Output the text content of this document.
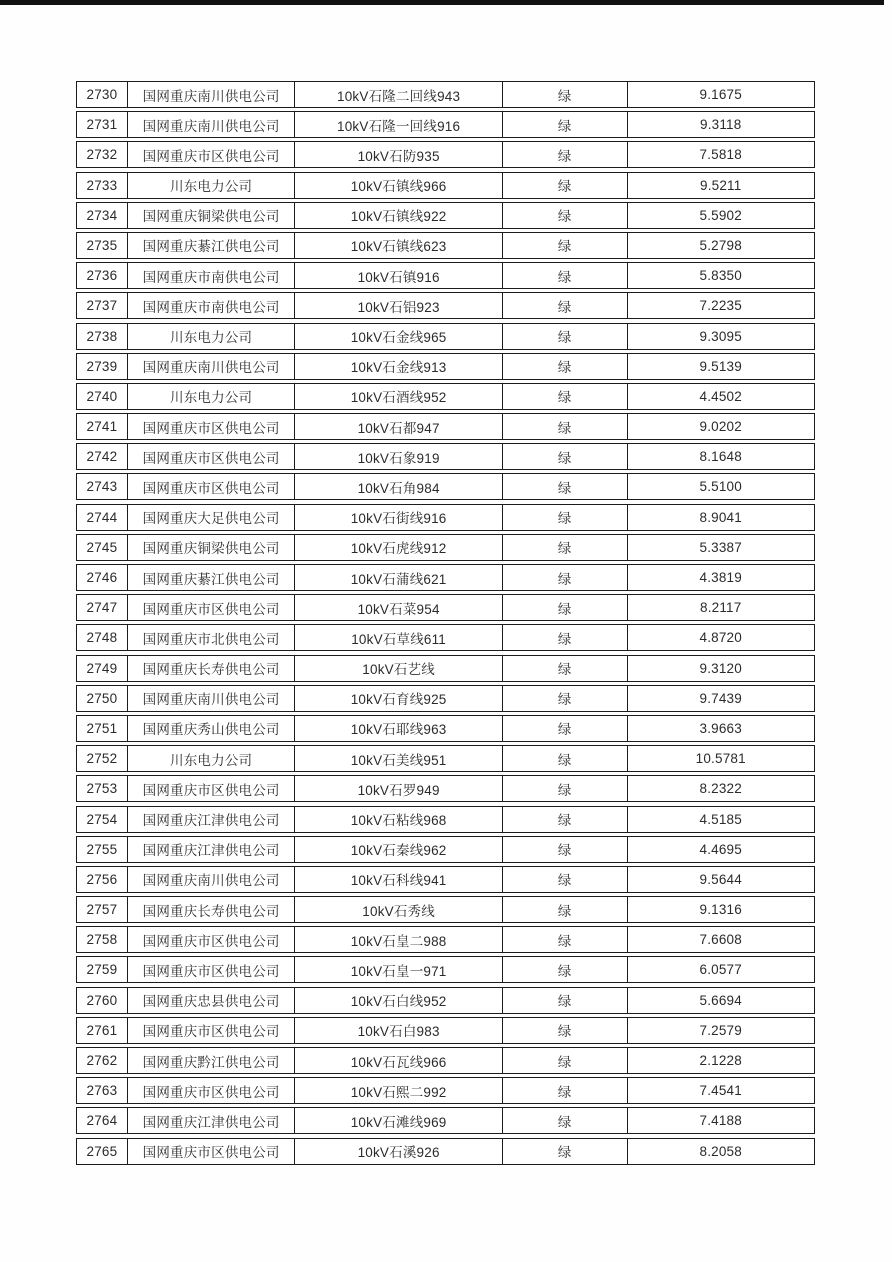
2730	国网重庆南川供电公司	10kV石隆二回线943	绿	9.1675
2731	国网重庆南川供电公司	10kV石隆一回线916	绿	9.3118
2732	国网重庆市区供电公司	10kV石防935	绿	7.5818
2733	川东电力公司	10kV石镇线966	绿	9.5211
2734	国网重庆铜梁供电公司	10kV石镇线922	绿	5.5902
2735	国网重庆綦江供电公司	10kV石镇线623	绿	5.2798
2736	国网重庆市南供电公司	10kV石镇916	绿	5.8350
2737	国网重庆市南供电公司	10kV石铝923	绿	7.2235
2738	川东电力公司	10kV石金线965	绿	9.3095
2739	国网重庆南川供电公司	10kV石金线913	绿	9.5139
2740	川东电力公司	10kV石酒线952	绿	4.4502
2741	国网重庆市区供电公司	10kV石都947	绿	9.0202
2742	国网重庆市区供电公司	10kV石象919	绿	8.1648
2743	国网重庆市区供电公司	10kV石角984	绿	5.5100
2744	国网重庆大足供电公司	10kV石街线916	绿	8.9041
2745	国网重庆铜梁供电公司	10kV石虎线912	绿	5.3387
2746	国网重庆綦江供电公司	10kV石蒲线621	绿	4.3819
2747	国网重庆市区供电公司	10kV石菜954	绿	8.2117
2748	国网重庆市北供电公司	10kV石草线611	绿	4.8720
2749	国网重庆长寿供电公司	10kV石艺线	绿	9.3120
2750	国网重庆南川供电公司	10kV石育线925	绿	9.7439
2751	国网重庆秀山供电公司	10kV石耶线963	绿	3.9663
2752	川东电力公司	10kV石美线951	绿	10.5781
2753	国网重庆市区供电公司	10kV石罗949	绿	8.2322
2754	国网重庆江津供电公司	10kV石粘线968	绿	4.5185
2755	国网重庆江津供电公司	10kV石秦线962	绿	4.4695
2756	国网重庆南川供电公司	10kV石科线941	绿	9.5644
2757	国网重庆长寿供电公司	10kV石秀线	绿	9.1316
2758	国网重庆市区供电公司	10kV石皇二988	绿	7.6608
2759	国网重庆市区供电公司	10kV石皇一971	绿	6.0577
2760	国网重庆忠县供电公司	10kV石白线952	绿	5.6694
2761	国网重庆市区供电公司	10kV石白983	绿	7.2579
2762	国网重庆黔江供电公司	10kV石瓦线966	绿	2.1228
2763	国网重庆市区供电公司	10kV石熙二992	绿	7.4541
2764	国网重庆江津供电公司	10kV石滩线969	绿	7.4188
2765	国网重庆市区供电公司	10kV石溪926	绿	8.2058
